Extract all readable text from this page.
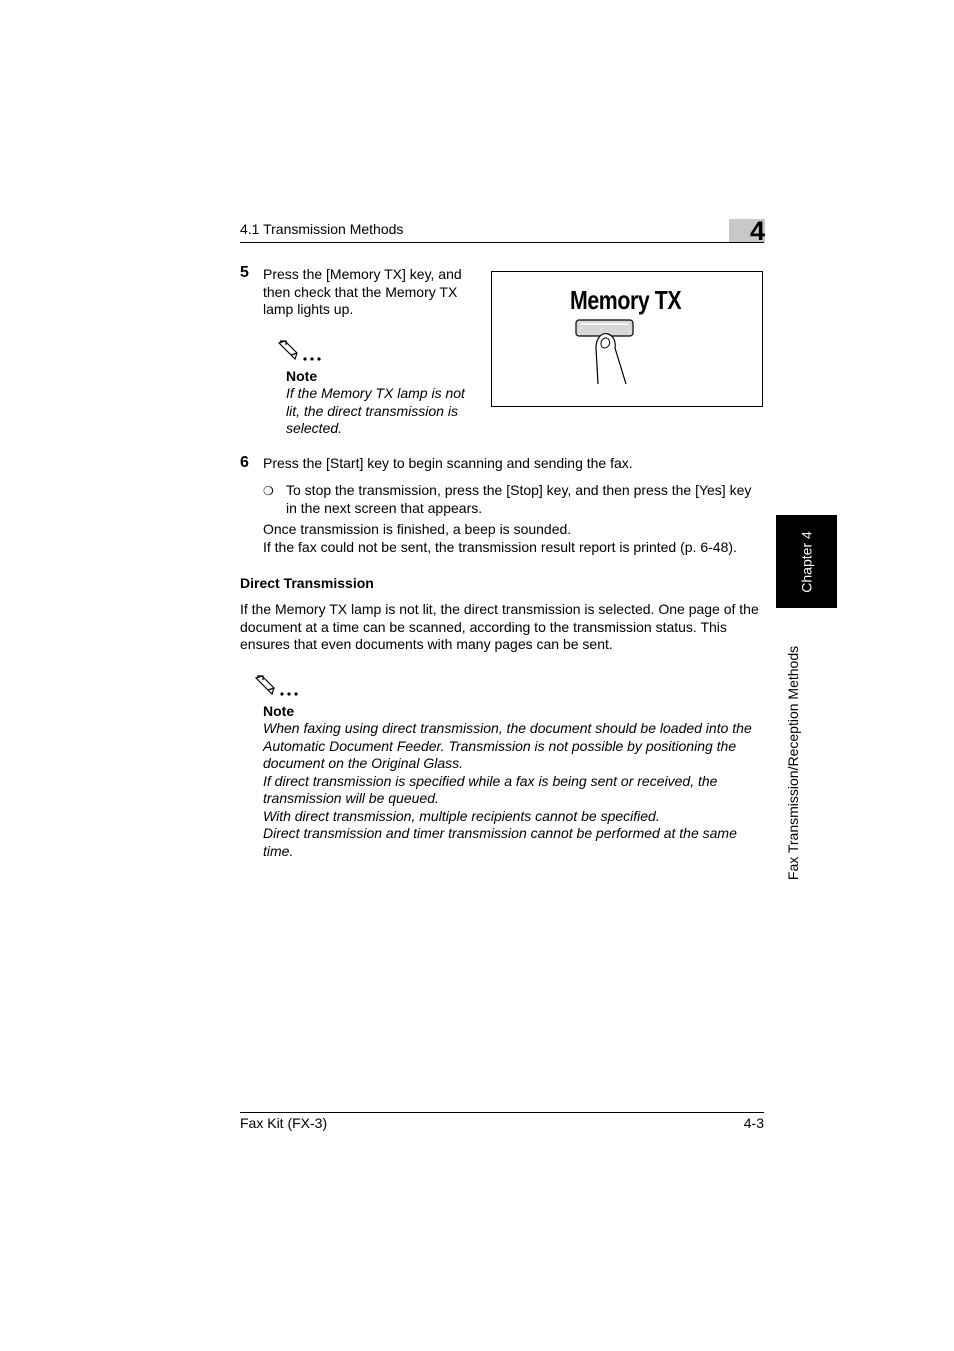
4.1 Transmission Methods	4
5 Press the [Memory TX] key, and
then check that the Memory TX
lamp lights up.
Note
If the Memory TX lamp is not
lit, the direct transmission is
selected.
Memory TX
6 Press the [Start] key to begin scanning and sending the fax.
❍ To stop the transmission, press the [Stop] key, and then press the [Yes] key
in the next screen that appears.
Once transmission is finished, a beep is sounded.
If the fax could not be sent, the transmission result report is printed (p. 6-48).
Direct Transmission
If the Memory TX lamp is not lit, the direct transmission is selected. One page of the
document at a time can be scanned, according to the transmission status. This
ensures that even documents with many pages can be sent.
Note
When faxing using direct transmission, the document should be loaded into the
Automatic Document Feeder. Transmission is not possible by positioning the
document on the Original Glass.
If direct transmission is specified while a fax is being sent or received, the
transmission will be queued.
With direct transmission, multiple recipients cannot be specified.
Direct transmission and timer transmission cannot be performed at the same
time.
Chapter 4
Fax Transmission/Reception Methods
Fax Kit (FX-3)	4-3
